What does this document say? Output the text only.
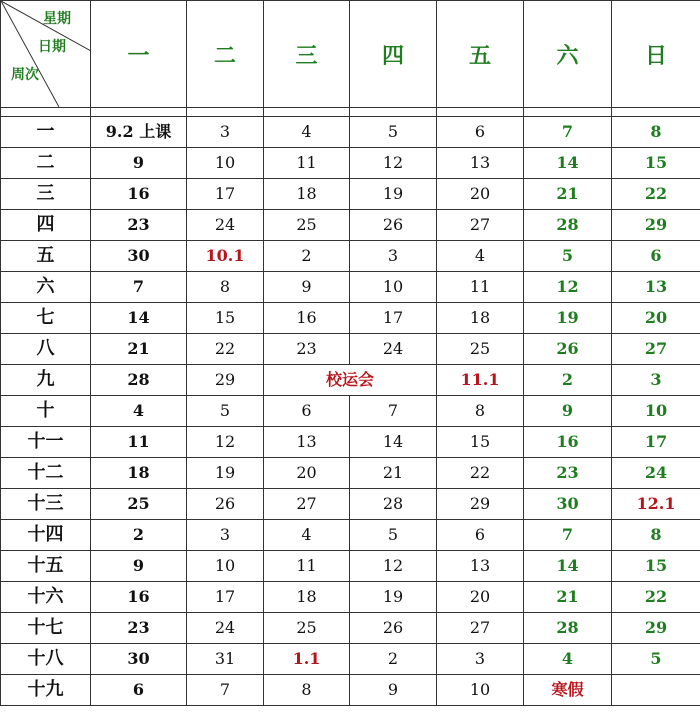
星期
日期
周次	一	二	三	四	五	六	日

一	9.2 上课	3	4	5	6	7	8
二	9	10	11	12	13	14	15
三	16	17	18	19	20	21	22
四	23	24	25	26	27	28	29
五	30	10.1	2	3	4	5	6
六	7	8	9	10	11	12	13
七	14	15	16	17	18	19	20
八	21	22	23	24	25	26	27
九	28	29	校运会		11.1	2	3
十	4	5	6	7	8	9	10
十一	11	12	13	14	15	16	17
十二	18	19	20	21	22	23	24
十三	25	26	27	28	29	30	12.1
十四	2	3	4	5	6	7	8
十五	9	10	11	12	13	14	15
十六	16	17	18	19	20	21	22
十七	23	24	25	26	27	28	29
十八	30	31	1.1	2	3	4	5
十九	6	7	8	9	10	寒假	
